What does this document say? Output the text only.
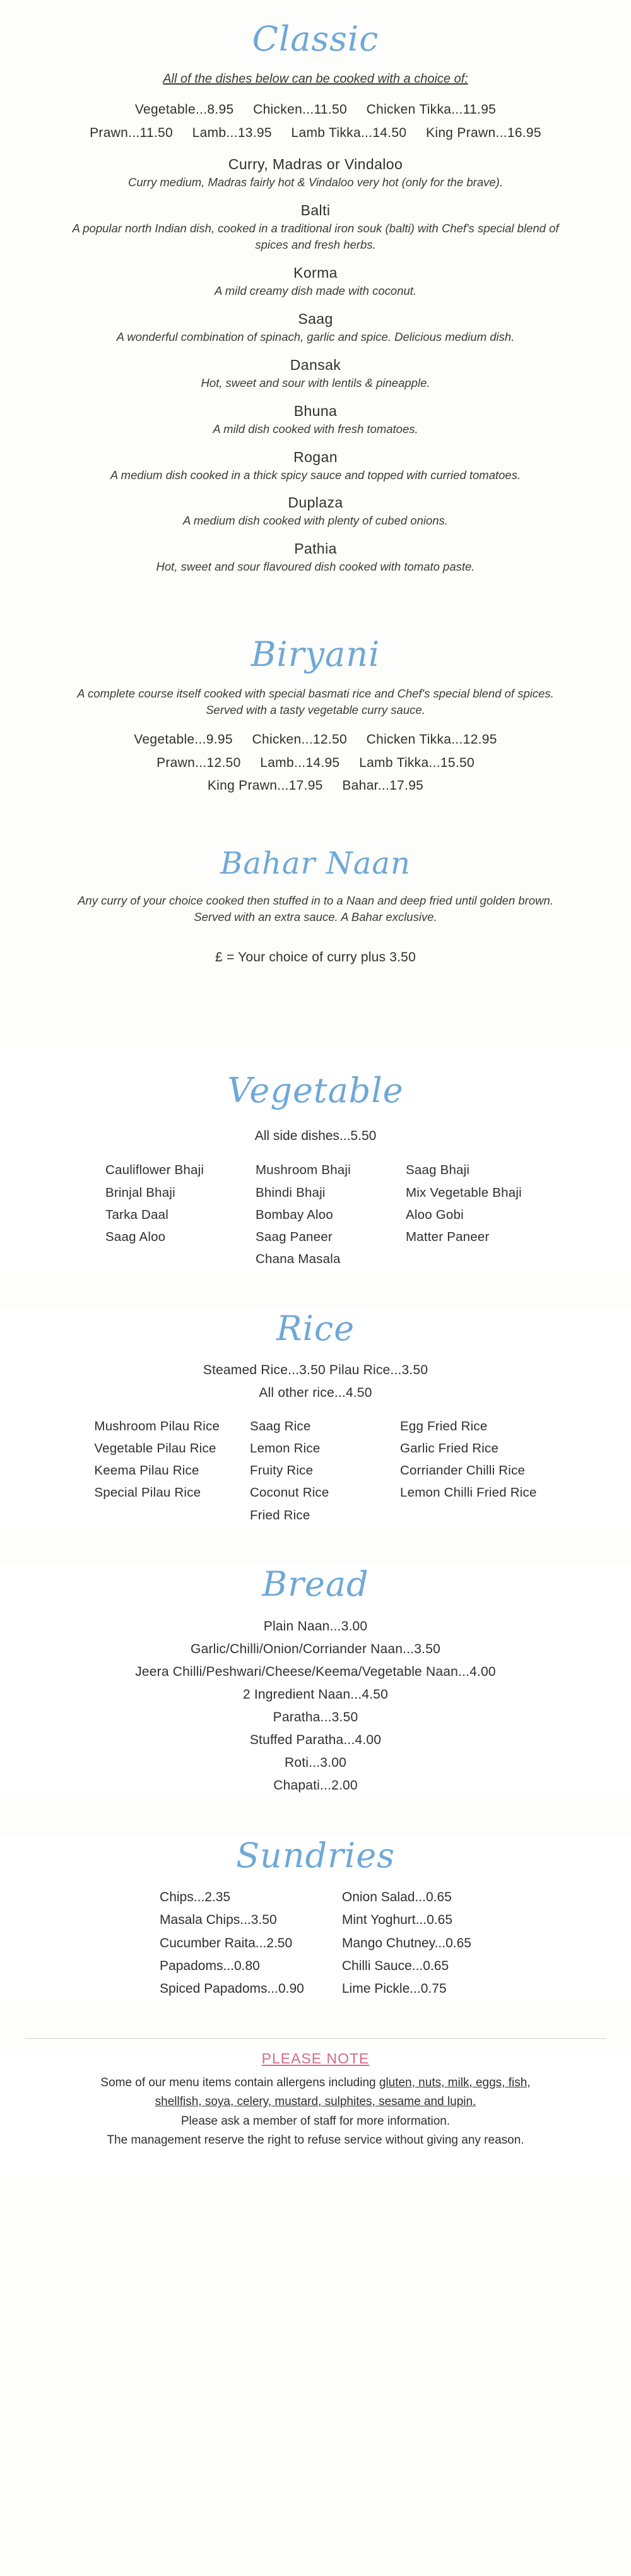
Classic
All of the dishes below can be cooked with a choice of:
Vegetable...8.95     Chicken...11.50     Chicken Tikka...11.95
Prawn...11.50     Lamb...13.95     Lamb Tikka...14.50     King Prawn...16.95
Curry, Madras or Vindaloo
Curry medium, Madras fairly hot & Vindaloo very hot (only for the brave).
Balti
A popular north Indian dish, cooked in a traditional iron souk (balti) with Chef's special blend of spices and fresh herbs.
Korma
A mild creamy dish made with coconut.
Saag
A wonderful combination of spinach, garlic and spice. Delicious medium dish.
Dansak
Hot, sweet and sour with lentils & pineapple.
Bhuna
A mild dish cooked with fresh tomatoes.
Rogan
A medium dish cooked in a thick spicy sauce and topped with curried tomatoes.
Duplaza
A medium dish cooked with plenty of cubed onions.
Pathia
Hot, sweet and sour flavoured dish cooked with tomato paste.
Biryani
A complete course itself cooked with special basmati rice and Chef's special blend of spices. Served with a tasty vegetable curry sauce.
Vegetable...9.95     Chicken...12.50     Chicken Tikka...12.95
Prawn...12.50     Lamb...14.95     Lamb Tikka...15.50
King Prawn...17.95     Bahar...17.95
Bahar Naan
Any curry of your choice cooked then stuffed in to a Naan and deep fried until golden brown. Served with an extra sauce. A Bahar exclusive.
£ = Your choice of curry plus 3.50
Vegetable
All side dishes...5.50
Cauliflower Bhaji
Brinjal Bhaji
Tarka Daal
Saag Aloo
Mushroom Bhaji
Bhindi Bhaji
Bombay Aloo
Saag Paneer
Chana Masala
Saag Bhaji
Mix Vegetable Bhaji
Aloo Gobi
Matter Paneer
Rice
Steamed Rice...3.50 Pilau Rice...3.50
All other rice...4.50
Mushroom Pilau Rice
Vegetable Pilau Rice
Keema Pilau Rice
Special Pilau Rice
Saag Rice
Lemon Rice
Fruity Rice
Coconut Rice
Fried Rice
Egg Fried Rice
Garlic Fried Rice
Corriander Chilli Rice
Lemon Chilli Fried Rice
Bread
Plain Naan...3.00
Garlic/Chilli/Onion/Corriander Naan...3.50
Jeera Chilli/Peshwari/Cheese/Keema/Vegetable Naan...4.00
2 Ingredient Naan...4.50
Paratha...3.50
Stuffed Paratha...4.00
Roti...3.00
Chapati...2.00
Sundries
Chips...2.35
Masala Chips...3.50
Cucumber Raita...2.50
Papadoms...0.80
Spiced Papadoms...0.90
Onion Salad...0.65
Mint Yoghurt...0.65
Mango Chutney...0.65
Chilli Sauce...0.65
Lime Pickle...0.75
PLEASE NOTE
Some of our menu items contain allergens including gluten, nuts, milk, eggs, fish,
shellfish, soya, celery, mustard, sulphites, sesame and lupin.
Please ask a member of staff for more information.
The management reserve the right to refuse service without giving any reason.
